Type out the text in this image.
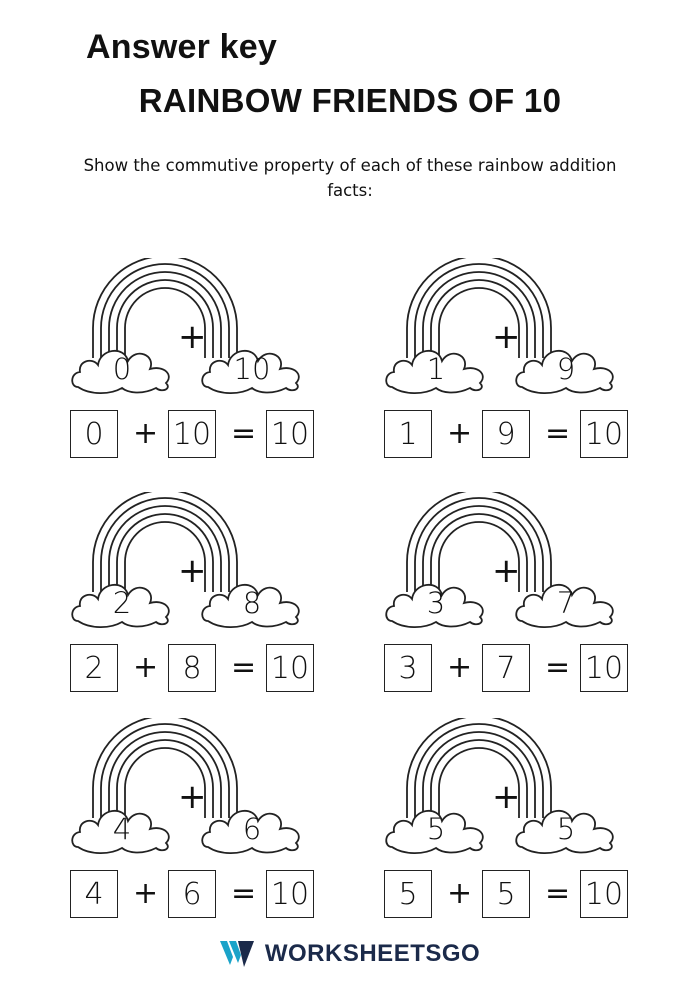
Answer key
RAINBOW FRIENDS OF 10
Show the commutive property of each of these rainbow addition facts:
0	10
+
0 + 10 = 10
1	9
+
1 + 9 = 10
2	8
+
2 + 8 = 10
3	7
+
3 + 7 = 10
4	6
+
4 + 6 = 10
5	5
+
5 + 5 = 10
WORKSHEETSGO
